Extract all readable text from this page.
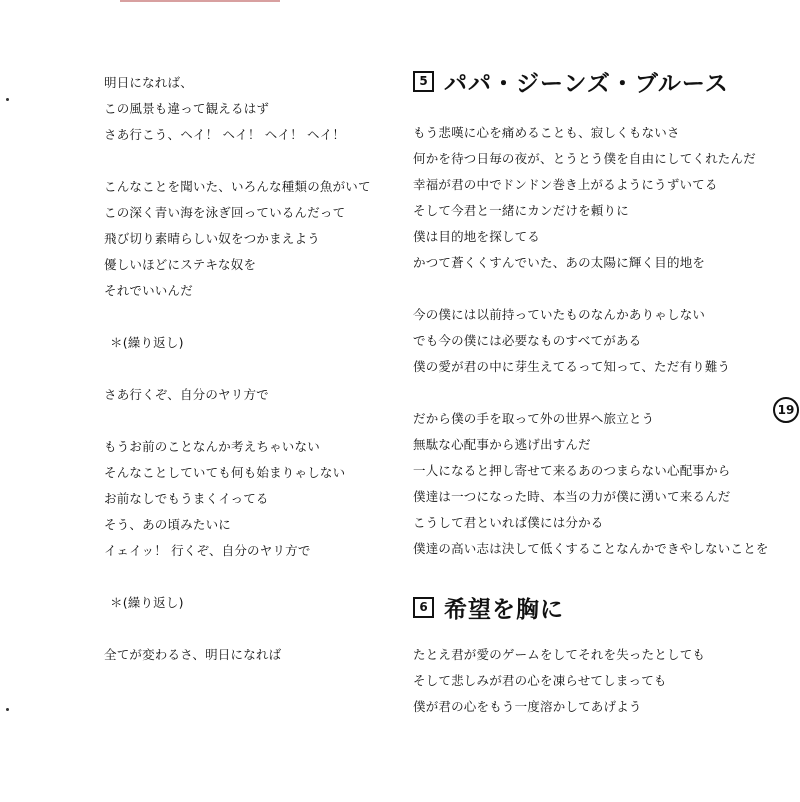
明日になれば、
この風景も違って観えるはず
さあ行こう、ヘイ！ ヘイ！ ヘイ！ ヘイ！
こんなことを聞いた、いろんな種類の魚がいて
この深く青い海を泳ぎ回っているんだって
飛び切り素晴らしい奴をつかまえよう
優しいほどにステキな奴を
それでいいんだ
＊(繰り返し)
さあ行くぞ、自分のヤリ方で
もうお前のことなんか考えちゃいない
そんなことしていても何も始まりゃしない
お前なしでもうまくイってる
そう、あの頃みたいに
イェイッ！ 行くぞ、自分のヤリ方で
＊(繰り返し)
全てが変わるさ、明日になれば
5 パパ・ジーンズ・ブルース
もう悲嘆に心を痛めることも、寂しくもないさ
何かを待つ日毎の夜が、とうとう僕を自由にしてくれたんだ
幸福が君の中でドンドン巻き上がるようにうずいてる
そして今君と一緒にカンだけを頼りに
僕は目的地を探してる
かつて蒼くくすんでいた、あの太陽に輝く目的地を
今の僕には以前持っていたものなんかありゃしない
でも今の僕には必要なものすべてがある
僕の愛が君の中に芽生えてるって知って、ただ有り難う
だから僕の手を取って外の世界へ旅立とう
無駄な心配事から逃げ出すんだ
一人になると押し寄せて来るあのつまらない心配事から
僕達は一つになった時、本当の力が僕に湧いて来るんだ
こうして君といれば僕には分かる
僕達の高い志は決して低くすることなんかできやしないことを
6 希望を胸に
たとえ君が愛のゲームをしてそれを失ったとしても
そして悲しみが君の心を凍らせてしまっても
僕が君の心をもう一度溶かしてあげよう
19
